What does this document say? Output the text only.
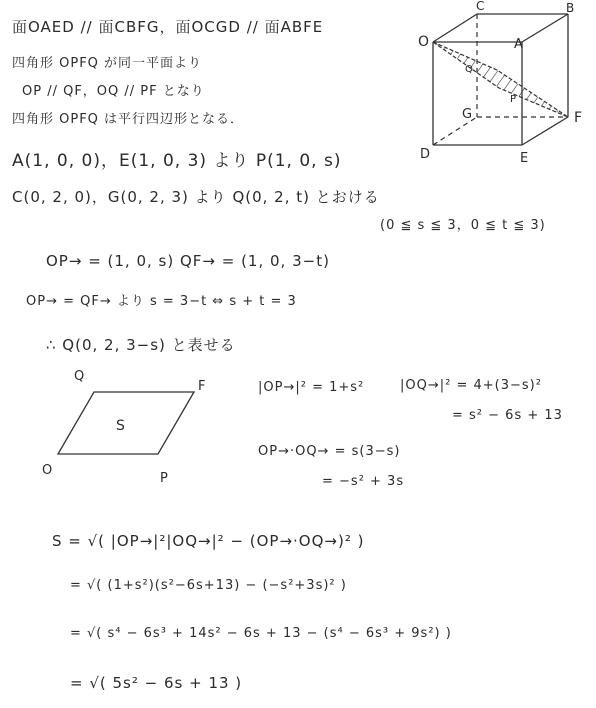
面OAED // 面CBFG，面OCGD // 面ABFE
四角形 OPFQ が同一平面より
OP // QF，OQ // PF となり
四角形 OPFQ は平行四辺形となる．
A(1, 0, 0)，E(1, 0, 3) より P(1, 0, s)
C(0, 2, 0)，G(0, 2, 3) より Q(0, 2, t) とおける
(0 ≦ s ≦ 3，0 ≦ t ≦ 3)
OP→ = (1, 0, s) QF→ = (1, 0, 3−t)
OP→ = QF→ より s = 3−t ⇔ s + t = 3
∴ Q(0, 2, 3−s) と表せる
|OP→|² = 1+s²	|OQ→|² = 4+(3−s)²
= s² − 6s + 13
OP→·OQ→ = s(3−s)
= −s² + 3s
S = √( |OP→|²|OQ→|² − (OP→·OQ→)² )
= √( (1+s²)(s²−6s+13) − (−s²+3s)² )
= √( s⁴ − 6s³ + 14s² − 6s + 13 − (s⁴ − 6s³ + 9s²) )
= √( 5s² − 6s + 13 )
O
C	B
A
G	F
D	E
Q
P
Q
F
O
P
S
